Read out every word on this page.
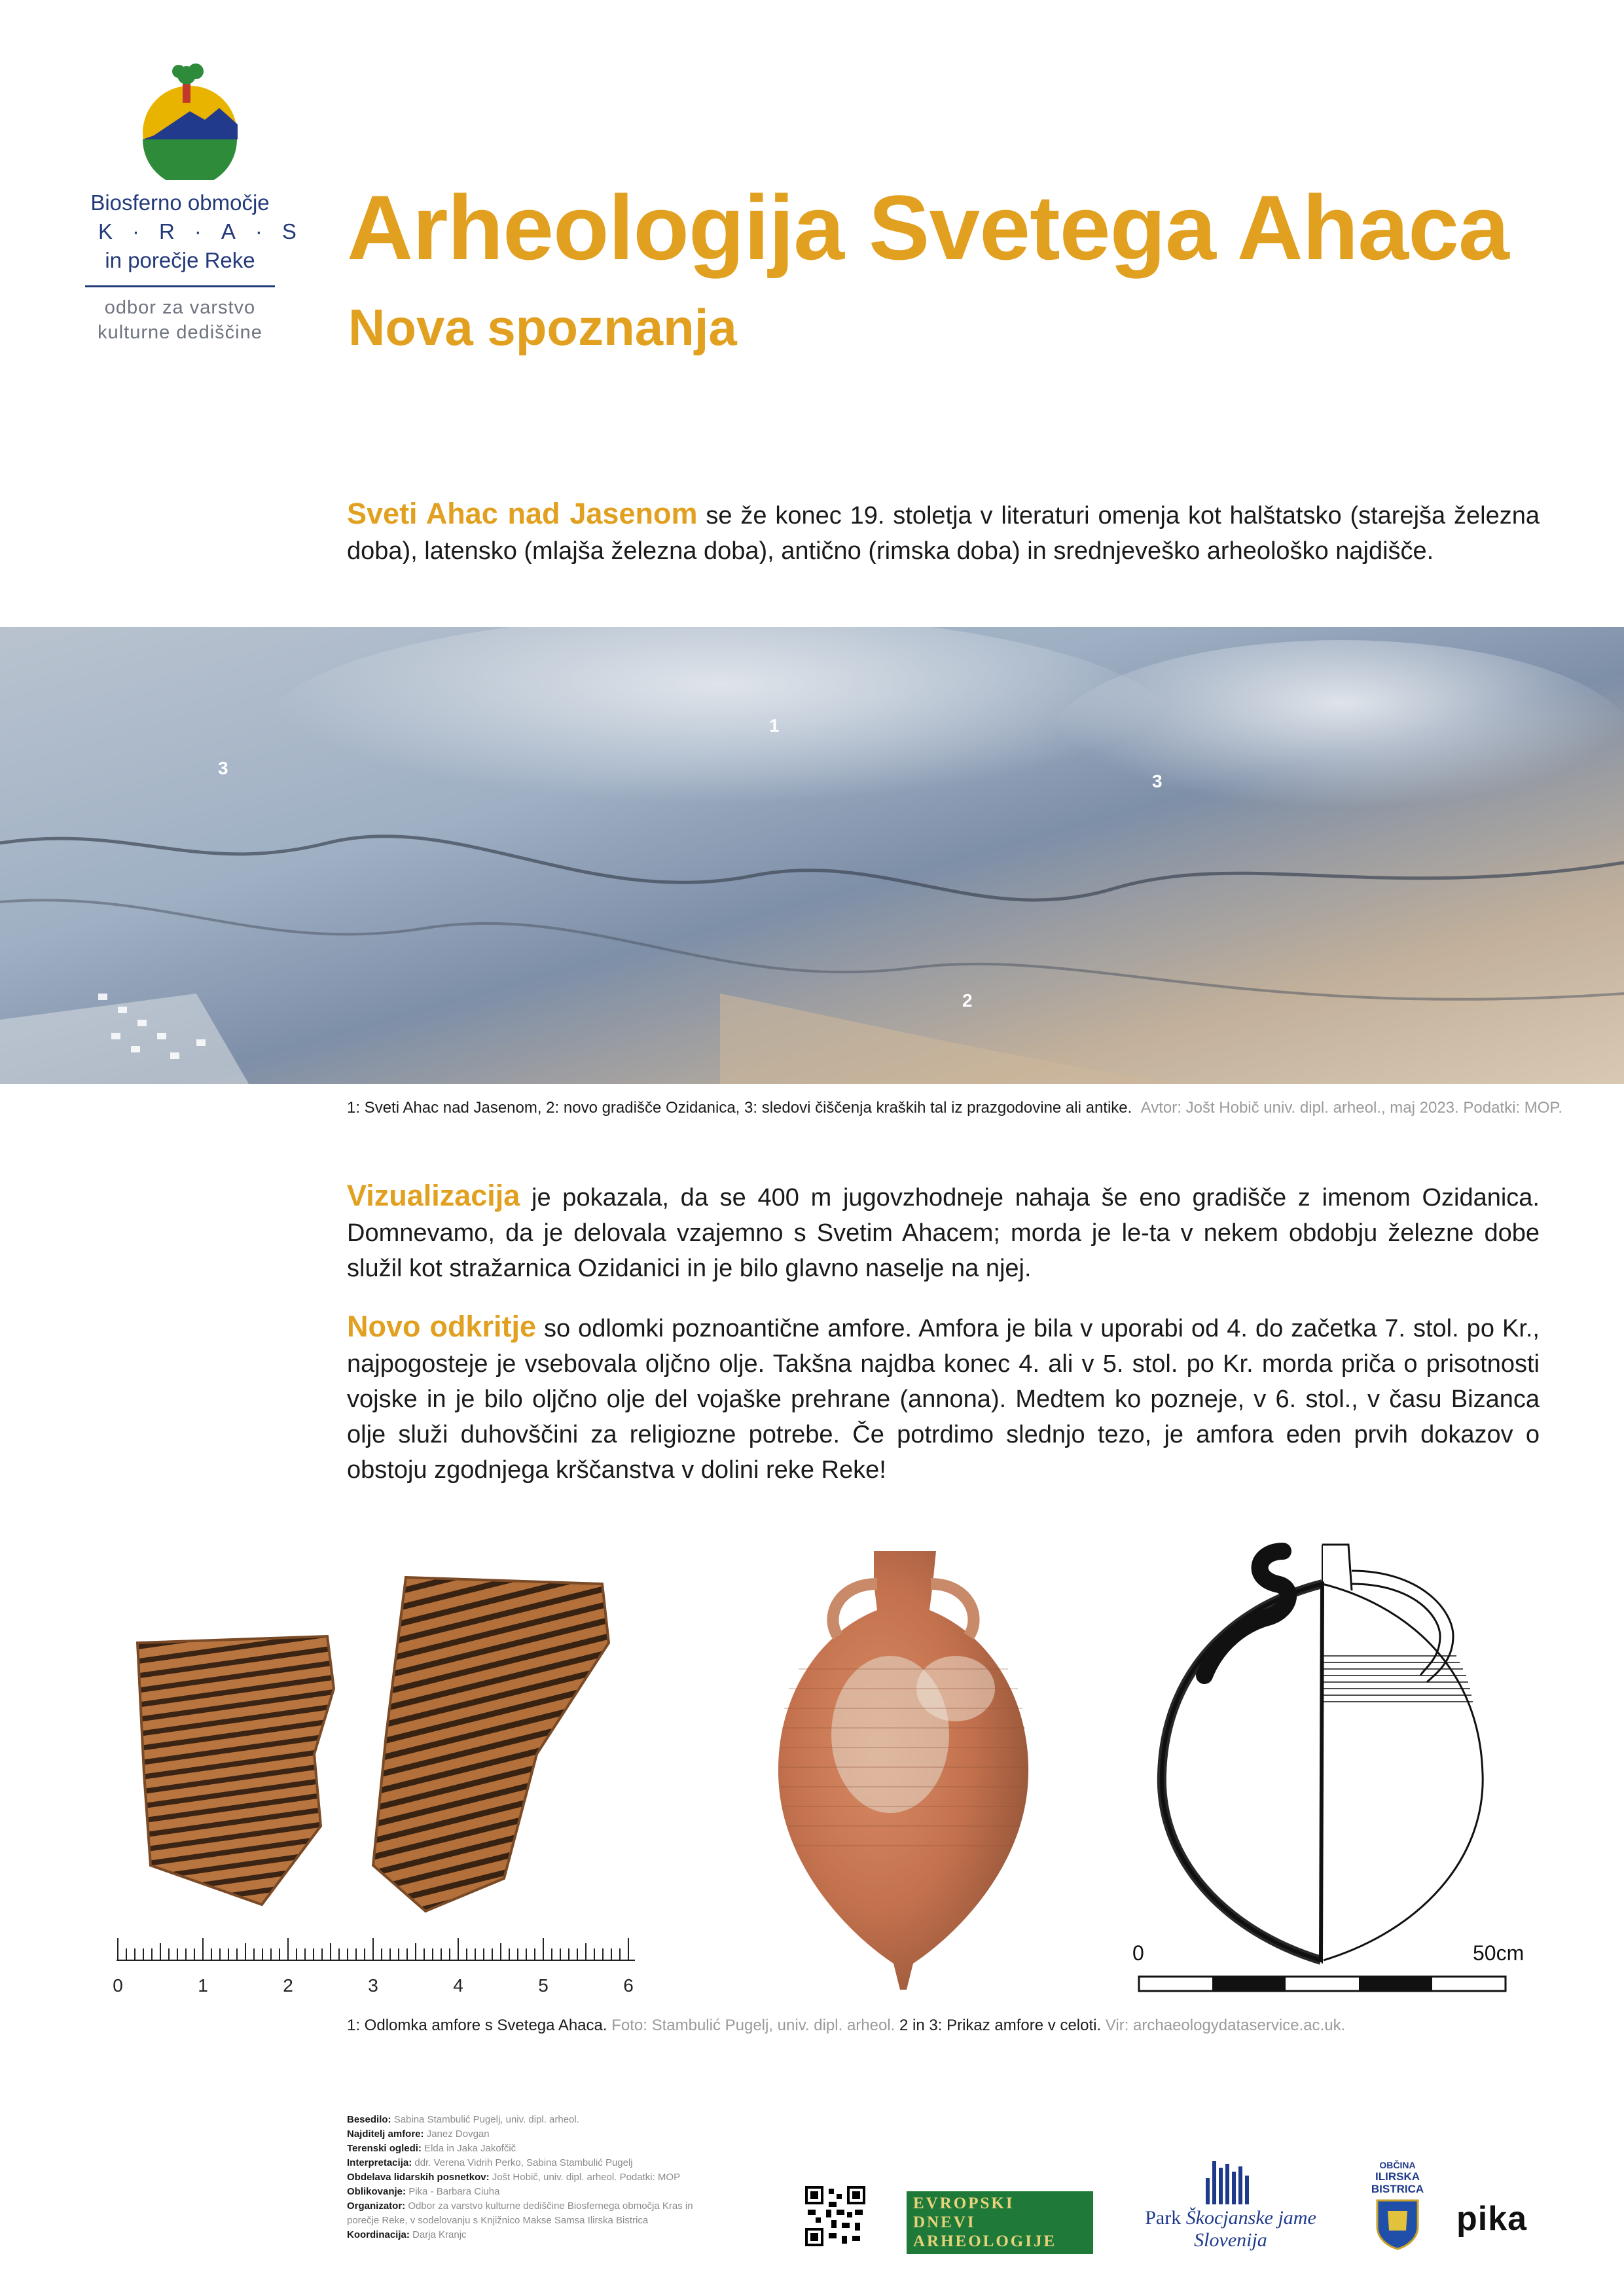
Biosferno območje
K·R·A·S
in porečje Reke
odbor za varstvo
kulturne dediščine
Arheologija Svetega Ahaca
Nova spoznanja
Sveti Ahac nad Jasenom se že konec 19. stoletja v literaturi omenja kot halštatsko (starejša železna doba), latensko (mlajša železna doba), antično (rimska doba) in srednjeveško arheološko najdišče.
1
2
3
3
1: Sveti Ahac nad Jasenom, 2: novo gradišče Ozidanica, 3: sledovi čiščenja kraških tal iz prazgodovine ali antike. Avtor: Jošt Hobič univ. dipl. arheol., maj 2023. Podatki: MOP.
Vizualizacija je pokazala, da se 400 m jugovzhodneje nahaja še eno gradišče z imenom Ozidanica. Domnevamo, da je delovala vzajemno s Svetim Ahacem; morda je le-ta v nekem obdobju železne dobe služil kot stražarnica Ozidanici in je bilo glavno naselje na njej.
Novo odkritje so odlomki poznoantične amfore. Amfora je bila v uporabi od 4. do začetka 7. stol. po Kr., najpogosteje je vsebovala oljčno olje. Takšna najdba konec 4. ali v 5. stol. po Kr. morda priča o prisotnosti vojske in je bilo oljčno olje del vojaške prehrane (annona). Medtem ko pozneje, v 6. stol., v času Bizanca olje služi duhovščini za religiozne potrebe. Če potrdimo slednjo tezo, je amfora eden prvih dokazov o obstoju zgodnjega krščanstva v dolini reke Reke!
0	1	2	3	4	5	6
0	50cm
1: Odlomka amfore s Svetega Ahaca. Foto: Stambulić Pugelj, univ. dipl. arheol. 2 in 3: Prikaz amfore v celoti. Vir: archaeologydataservice.ac.uk.
Besedilo: Sabina Stambulić Pugelj, univ. dipl. arheol.
Najditelj amfore: Janez Dovgan
Terenski ogledi: Elda in Jaka Jakofčič
Interpretacija: ddr. Verena Vidrih Perko, Sabina Stambulić Pugelj
Obdelava lidarskih posnetkov: Jošt Hobič, univ. dipl. arheol. Podatki: MOP
Oblikovanje: Pika - Barbara Ciuha
Organizator: Odbor za varstvo kulturne dediščine Biosfernega območja Kras in porečje Reke, v sodelovanju s Knjižnico Makse Samsa Ilirska Bistrica
Koordinacija: Darja Kranjc
EVROPSKI
DNEVI
ARHEOLOGIJE
Park Škocjanske jame
Slovenija
OBČINA
ILIRSKA
BISTRICA
pika
